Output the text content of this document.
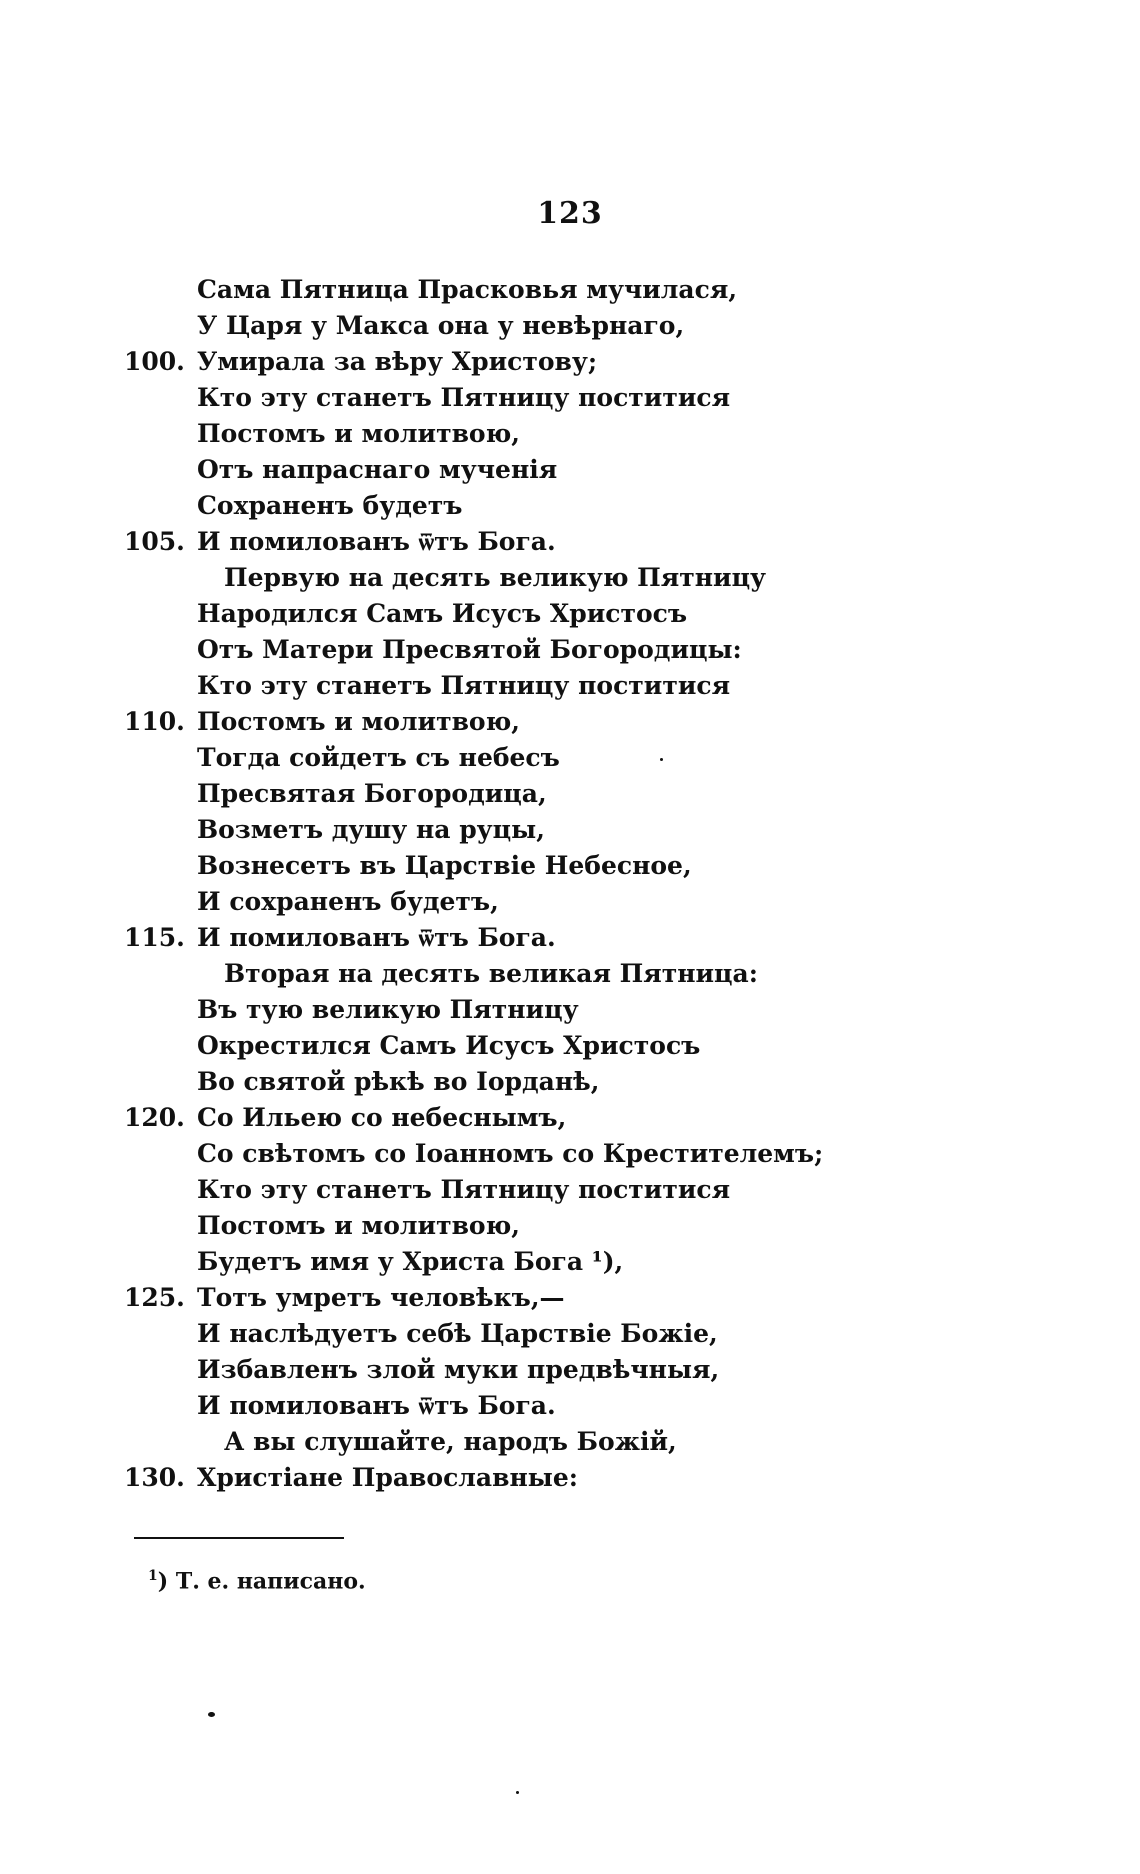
123
Сама Пятница Прасковья мучилася,
У Царя у Макса она у невѣрнаго,
100. Умирала за вѣру Христову;
Кто эту станетъ Пятницу поститися
Постомъ и молитвою,
Отъ напраснаго мученія
Сохраненъ будетъ
105. И помилованъ ѿтъ Бога.
Первую на десять великую Пятницу
Народился Самъ Исусъ Христосъ
Отъ Матери Пресвятой Богородицы:
Кто эту станетъ Пятницу поститися
110. Постомъ и молитвою,
Тогда сойдетъ съ небесъ
Пресвятая Богородица,
Возметъ душу на руцы,
Вознесетъ въ Царствіе Небесное,
И сохраненъ будетъ,
115. И помилованъ ѿтъ Бога.
Вторая на десять великая Пятница:
Въ тую великую Пятницу
Окрестился Самъ Исусъ Христосъ
Во святой рѣкѣ во Іорданѣ,
120. Со Ильею со небеснымъ,
Со свѣтомъ со Іоанномъ со Крестителемъ;
Кто эту станетъ Пятницу поститися
Постомъ и молитвою,
Будетъ имя у Христа Бога ¹),
125. Тотъ умретъ человѣкъ,—
И наслѣдуетъ себѣ Царствіе Божіе,
Избавленъ злой муки предвѣчныя,
И помилованъ ѿтъ Бога.
А вы слушайте, народъ Божій,
130. Христіане Православные:
$^1$) Т. е. написано.
